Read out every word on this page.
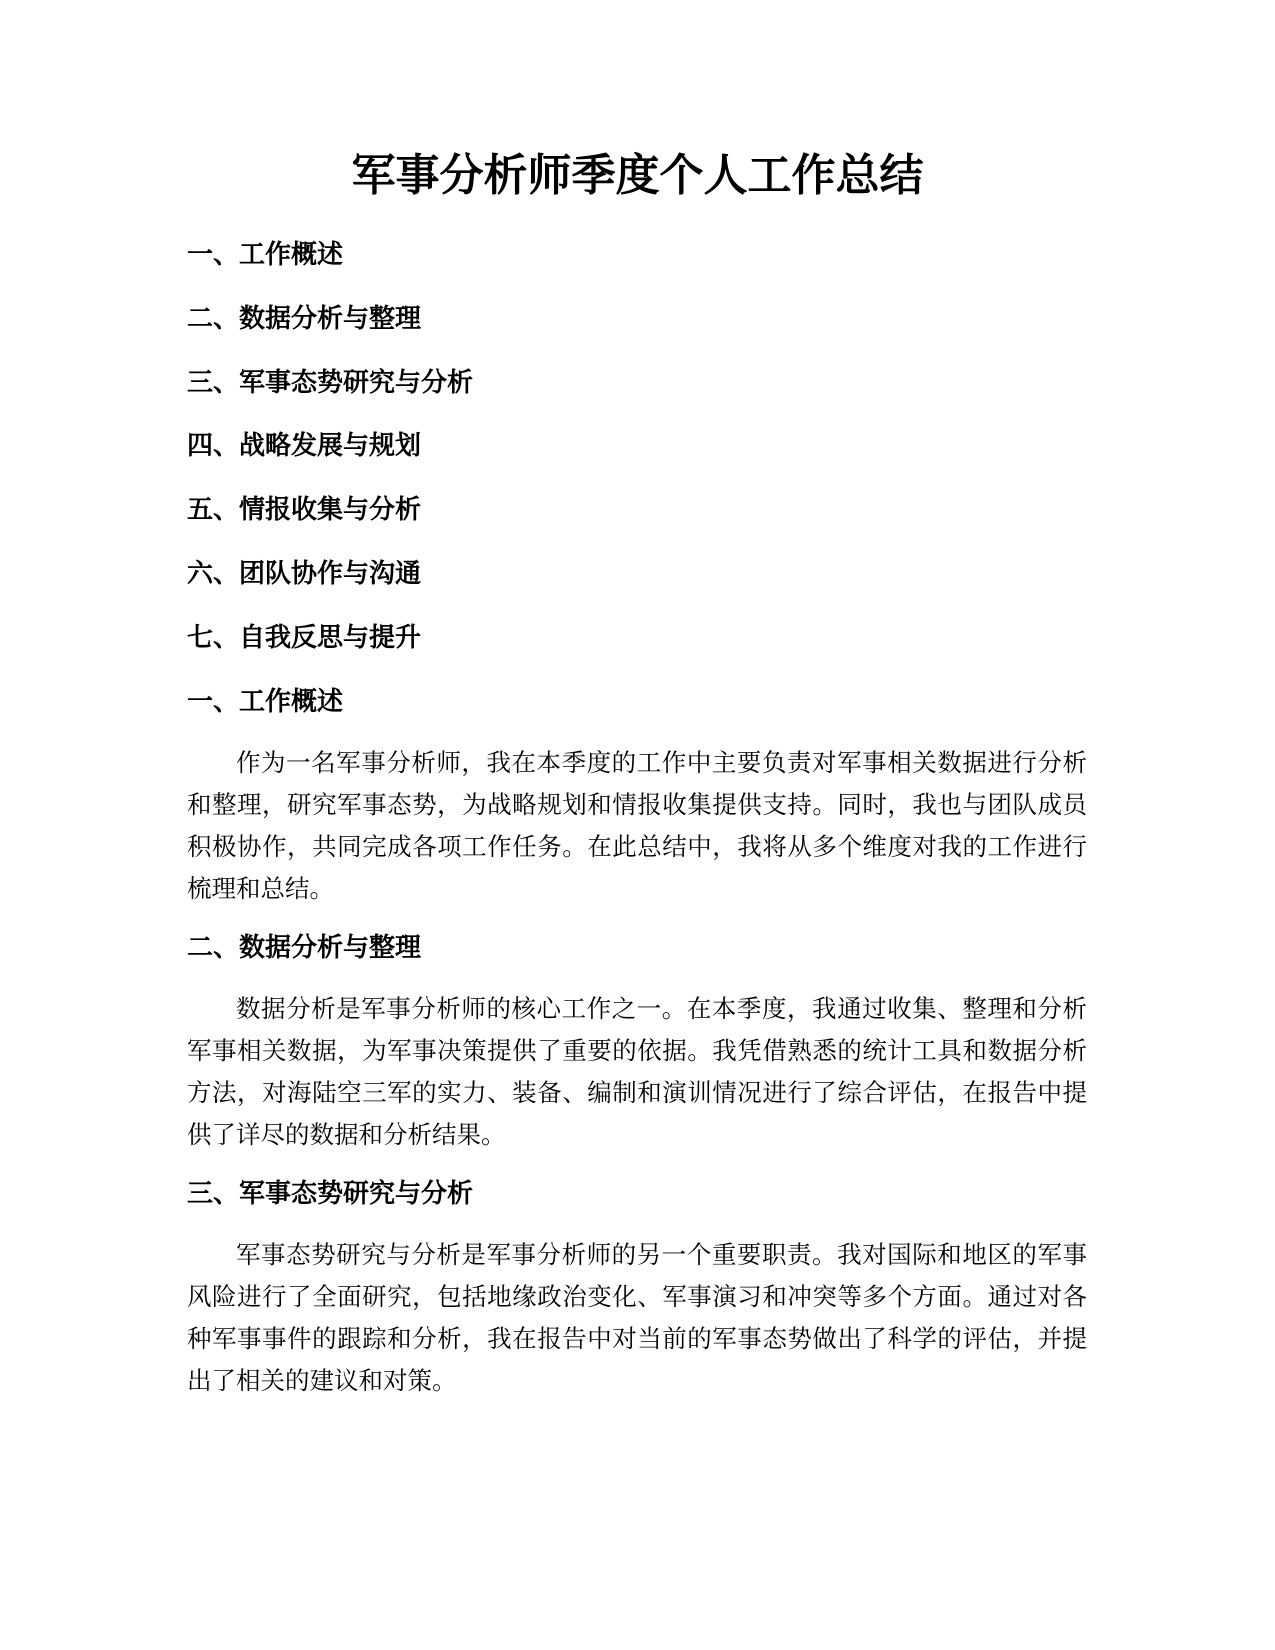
军事分析师季度个人工作总结

一、工作概述

二、数据分析与整理

三、军事态势研究与分析

四、战略发展与规划

五、情报收集与分析

六、团队协作与沟通

七、自我反思与提升

一、工作概述

作为一名军事分析师，我在本季度的工作中主要负责对军事相关数据进行分析和整理，研究军事态势，为战略规划和情报收集提供支持。同时，我也与团队成员积极协作，共同完成各项工作任务。在此总结中，我将从多个维度对我的工作进行梳理和总结。

二、数据分析与整理

数据分析是军事分析师的核心工作之一。在本季度，我通过收集、整理和分析军事相关数据，为军事决策提供了重要的依据。我凭借熟悉的统计工具和数据分析方法，对海陆空三军的实力、装备、编制和演训情况进行了综合评估，在报告中提供了详尽的数据和分析结果。

三、军事态势研究与分析

军事态势研究与分析是军事分析师的另一个重要职责。我对国际和地区的军事风险进行了全面研究，包括地缘政治变化、军事演习和冲突等多个方面。通过对各种军事事件的跟踪和分析，我在报告中对当前的军事态势做出了科学的评估，并提出了相关的建议和对策。
